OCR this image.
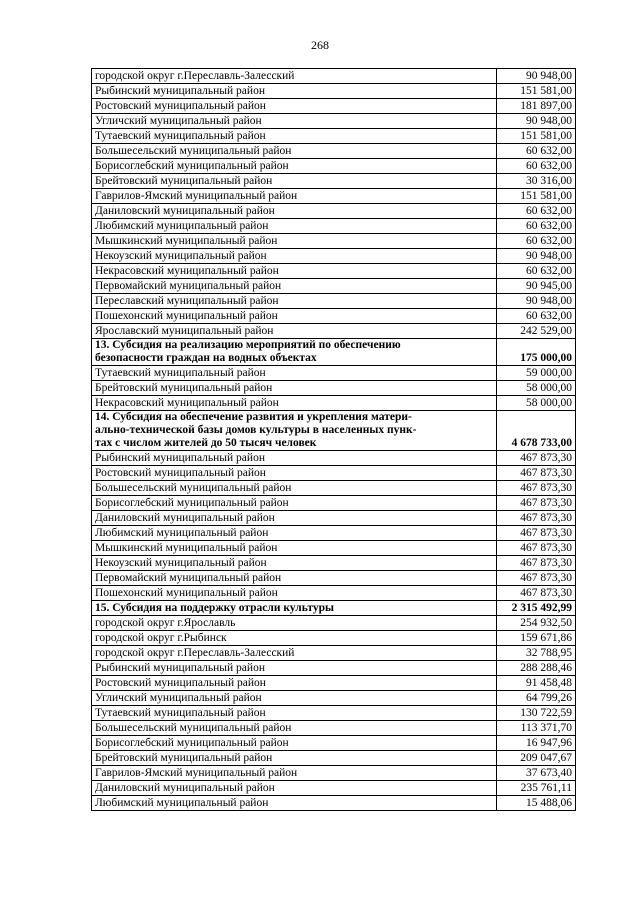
268
городской округ г.Переславль-Залесский	90 948,00
Рыбинский муниципальный район	151 581,00
Ростовский муниципальный район	181 897,00
Угличский муниципальный район	90 948,00
Тутаевский муниципальный район	151 581,00
Большесельский муниципальный район	60 632,00
Борисоглебский муниципальный район	60 632,00
Брейтовский муниципальный район	30 316,00
Гаврилов-Ямский муниципальный район	151 581,00
Даниловский муниципальный район	60 632,00
Любимский муниципальный район	60 632,00
Мышкинский муниципальный район	60 632,00
Некоузский муниципальный район	90 948,00
Некрасовский муниципальный район	60 632,00
Первомайский муниципальный район	90 945,00
Переславский муниципальный район	90 948,00
Пошехонский муниципальный район	60 632,00
Ярославский муниципальный район	242 529,00

13. Субсидия на реализацию мероприятий по обеспечению
безопасности граждан на водных объектах	175 000,00
Тутаевский муниципальный район	59 000,00
Брейтовский муниципальный район	58 000,00
Некрасовский муниципальный район	58 000,00

14. Субсидия на обеспечение развития и укрепления матери-
ально-технической базы домов культуры в населенных пунк-
тах с числом жителей до 50 тысяч человек	4 678 733,00
Рыбинский муниципальный район	467 873,30
Ростовский муниципальный район	467 873,30
Большесельский муниципальный район	467 873,30
Борисоглебский муниципальный район	467 873,30
Даниловский муниципальный район	467 873,30
Любимский муниципальный район	467 873,30
Мышкинский муниципальный район	467 873,30
Некоузский муниципальный район	467 873,30
Первомайский муниципальный район	467 873,30
Пошехонский муниципальный район	467 873,30

15. Субсидия на поддержку отрасли культуры	2 315 492,99
городской округ г.Ярославль	254 932,50
городской округ г.Рыбинск	159 671,86
городской округ г.Переславль-Залесский	32 788,95
Рыбинский муниципальный район	288 288,46
Ростовский муниципальный район	91 458,48
Угличский муниципальный район	64 799,26
Тутаевский муниципальный район	130 722,59
Большесельский муниципальный район	113 371,70
Борисоглебский муниципальный район	16 947,96
Брейтовский муниципальный район	209 047,67
Гаврилов-Ямский муниципальный район	37 673,40
Даниловский муниципальный район	235 761,11
Любимский муниципальный район	15 488,06
